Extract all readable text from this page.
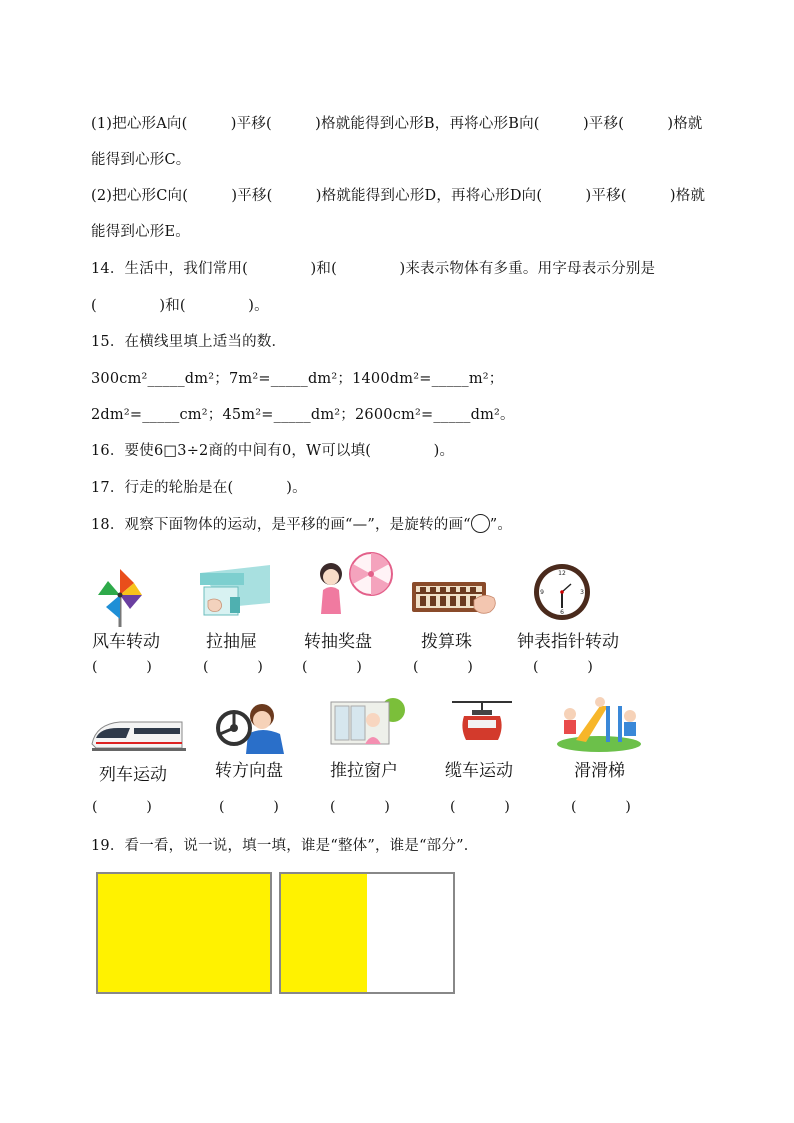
(1)把心形A向(         )平移(         )格就能得到心形B，再将心形B向(         )平移(         )格就
能得到心形C。
(2)把心形C向(         )平移(         )格就能得到心形D，再将心形D向(         )平移(         )格就
能得到心形E。
14．生活中，我们常用(             )和(             )来表示物体有多重。用字母表示分别是
(             )和(             )。
15．在横线里填上适当的数．
300cm²_____dm²；7m²=_____dm²；1400dm²=_____m²；
2dm²=_____cm²；45m²=_____dm²；2600cm²=_____dm²。
16．要使6□3÷2商的中间有0，W可以填(             )。
17．行走的轮胎是在(           )。
18．观察下面物体的运动，是平移的画“—”，是旋转的画“ ”。
12
6
3
9
风车转动	拉抽屉	转抽奖盘	拨算珠	钟表指针转动
(           )	(           )	(           )	(           )	(           )
列车运动	转方向盘	推拉窗户	缆车运动	滑滑梯
(           )	(           )	(           )	(           )	(           )
19．看一看，说一说，填一填，谁是“整体”，谁是“部分”．
